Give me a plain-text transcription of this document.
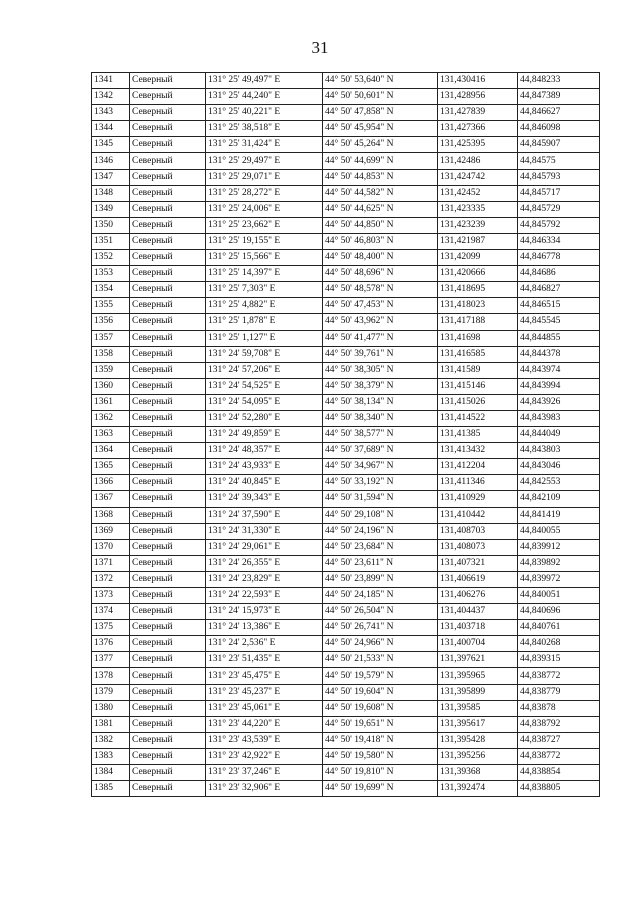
31
1341	Северный	131° 25' 49,497" E	44° 50' 53,640" N	131,430416	44,848233
1342	Северный	131° 25' 44,240" E	44° 50' 50,601" N	131,428956	44,847389
1343	Северный	131° 25' 40,221" E	44° 50' 47,858" N	131,427839	44,846627
1344	Северный	131° 25' 38,518" E	44° 50' 45,954" N	131,427366	44,846098
1345	Северный	131° 25' 31,424" E	44° 50' 45,264" N	131,425395	44,845907
1346	Северный	131° 25' 29,497" E	44° 50' 44,699" N	131,42486	44,84575
1347	Северный	131° 25' 29,071" E	44° 50' 44,853" N	131,424742	44,845793
1348	Северный	131° 25' 28,272" E	44° 50' 44,582" N	131,42452	44,845717
1349	Северный	131° 25' 24,006" E	44° 50' 44,625" N	131,423335	44,845729
1350	Северный	131° 25' 23,662" E	44° 50' 44,850" N	131,423239	44,845792
1351	Северный	131° 25' 19,155" E	44° 50' 46,803" N	131,421987	44,846334
1352	Северный	131° 25' 15,566" E	44° 50' 48,400" N	131,42099	44,846778
1353	Северный	131° 25' 14,397" E	44° 50' 48,696" N	131,420666	44,84686
1354	Северный	131° 25' 7,303" E	44° 50' 48,578" N	131,418695	44,846827
1355	Северный	131° 25' 4,882" E	44° 50' 47,453" N	131,418023	44,846515
1356	Северный	131° 25' 1,878" E	44° 50' 43,962" N	131,417188	44,845545
1357	Северный	131° 25' 1,127" E	44° 50' 41,477" N	131,41698	44,844855
1358	Северный	131° 24' 59,708" E	44° 50' 39,761" N	131,416585	44,844378
1359	Северный	131° 24' 57,206" E	44° 50' 38,305" N	131,41589	44,843974
1360	Северный	131° 24' 54,525" E	44° 50' 38,379" N	131,415146	44,843994
1361	Северный	131° 24' 54,095" E	44° 50' 38,134" N	131,415026	44,843926
1362	Северный	131° 24' 52,280" E	44° 50' 38,340" N	131,414522	44,843983
1363	Северный	131° 24' 49,859" E	44° 50' 38,577" N	131,41385	44,844049
1364	Северный	131° 24' 48,357" E	44° 50' 37,689" N	131,413432	44,843803
1365	Северный	131° 24' 43,933" E	44° 50' 34,967" N	131,412204	44,843046
1366	Северный	131° 24' 40,845" E	44° 50' 33,192" N	131,411346	44,842553
1367	Северный	131° 24' 39,343" E	44° 50' 31,594" N	131,410929	44,842109
1368	Северный	131° 24' 37,590" E	44° 50' 29,108" N	131,410442	44,841419
1369	Северный	131° 24' 31,330" E	44° 50' 24,196" N	131,408703	44,840055
1370	Северный	131° 24' 29,061" E	44° 50' 23,684" N	131,408073	44,839912
1371	Северный	131° 24' 26,355" E	44° 50' 23,611" N	131,407321	44,839892
1372	Северный	131° 24' 23,829" E	44° 50' 23,899" N	131,406619	44,839972
1373	Северный	131° 24' 22,593" E	44° 50' 24,185" N	131,406276	44,840051
1374	Северный	131° 24' 15,973" E	44° 50' 26,504" N	131,404437	44,840696
1375	Северный	131° 24' 13,386" E	44° 50' 26,741" N	131,403718	44,840761
1376	Северный	131° 24' 2,536" E	44° 50' 24,966" N	131,400704	44,840268
1377	Северный	131° 23' 51,435" E	44° 50' 21,533" N	131,397621	44,839315
1378	Северный	131° 23' 45,475" E	44° 50' 19,579" N	131,395965	44,838772
1379	Северный	131° 23' 45,237" E	44° 50' 19,604" N	131,395899	44,838779
1380	Северный	131° 23' 45,061" E	44° 50' 19,608" N	131,39585	44,83878
1381	Северный	131° 23' 44,220" E	44° 50' 19,651" N	131,395617	44,838792
1382	Северный	131° 23' 43,539" E	44° 50' 19,418" N	131,395428	44,838727
1383	Северный	131° 23' 42,922" E	44° 50' 19,580" N	131,395256	44,838772
1384	Северный	131° 23' 37,246" E	44° 50' 19,810" N	131,39368	44,838854
1385	Северный	131° 23' 32,906" E	44° 50' 19,699" N	131,392474	44,838805
